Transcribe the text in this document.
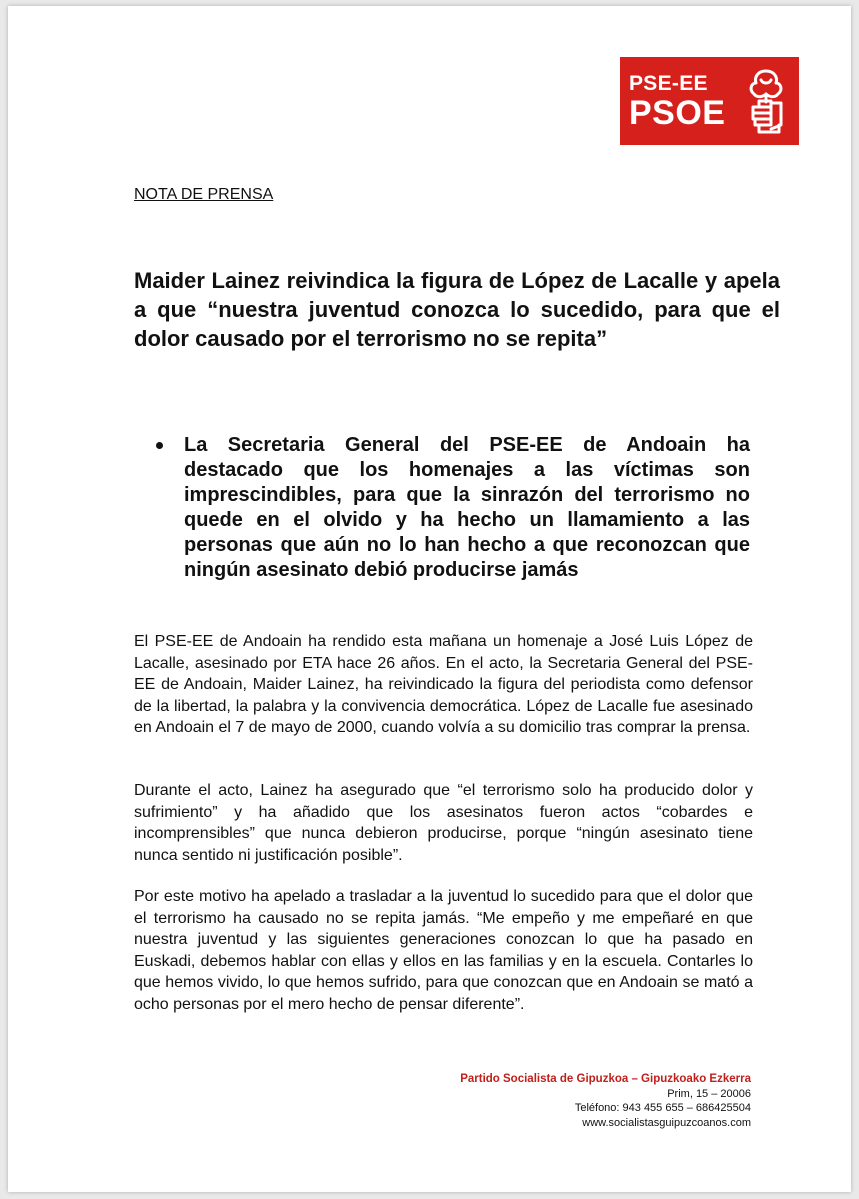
PSE-EE
PSOE
NOTA DE PRENSA
Maider Lainez reivindica la figura de López de Lacalle y apela a que “nuestra juventud conozca lo sucedido, para que el dolor causado por el terrorismo no se repita”
La Secretaria General del PSE-EE de Andoain ha destacado que los homenajes a las víctimas son imprescindibles, para que la sinrazón del terrorismo no quede en el olvido y ha hecho un llamamiento a las personas que aún no lo han hecho a que reconozcan que ningún asesinato debió producirse jamás

El PSE-EE de Andoain ha rendido esta mañana un homenaje a José Luis López de Lacalle, asesinado por ETA hace 26 años. En el acto, la Secretaria General del PSE-EE de Andoain, Maider Lainez, ha reivindicado la figura del periodista como defensor de la libertad, la palabra y la convivencia democrática. López de Lacalle fue asesinado en Andoain el 7 de mayo de 2000, cuando volvía a su domicilio tras comprar la prensa.

Durante el acto, Lainez ha asegurado que “el terrorismo solo ha producido dolor y sufrimiento” y ha añadido que los asesinatos fueron actos “cobardes e incomprensibles” que nunca debieron producirse, porque “ningún asesinato tiene nunca sentido ni justificación posible”.

Por este motivo ha apelado a trasladar a la juventud lo sucedido para que el dolor que el terrorismo ha causado no se repita jamás. “Me empeño y me empeñaré en que nuestra juventud y las siguientes generaciones conozcan lo que ha pasado en Euskadi, debemos hablar con ellas y ellos en las familias y en la escuela. Contarles lo que hemos vivido, lo que hemos sufrido, para que conozcan que en Andoain se mató a ocho personas por el mero hecho de pensar diferente”.

Partido Socialista de Gipuzkoa – Gipuzkoako Ezkerra
Prim, 15 – 20006
Teléfono: 943 455 655 – 686425504
www.socialistasguipuzcoanos.com
